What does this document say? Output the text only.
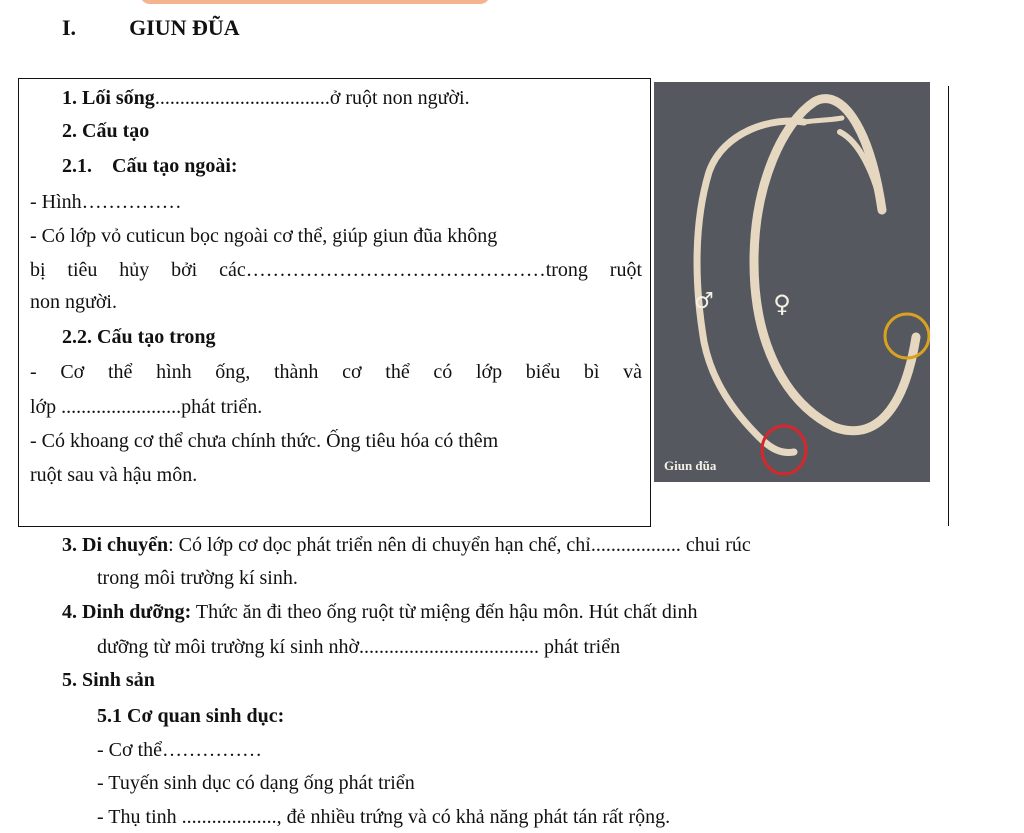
I. GIUN ĐŨA
1. Lối sống...................................ở ruột non người.
2. Cấu tạo
2.1. Cấu tạo ngoài:
- Hình……………
- Có lớp vỏ cuticun bọc ngoài cơ thể, giúp giun đũa không
bị tiêu hủy bởi các………………………………………trong ruột
non người.
2.2. Cấu tạo trong
- Cơ thể hình ống, thành cơ thể có lớp biểu bì và
lớp ........................phát triển.
- Có khoang cơ thể chưa chính thức. Ống tiêu hóa có thêm
ruột sau và hậu môn.
♂ ♀
Giun đũa
3. Di chuyển: Có lớp cơ dọc phát triển nên di chuyển hạn chế, chỉ.................. chui rúc
trong môi trường kí sinh.
4. Dinh dưỡng: Thức ăn đi theo ống ruột từ miệng đến hậu môn. Hút chất dinh
dưỡng từ môi trường kí sinh nhờ.................................... phát triển
5. Sinh sản
5.1 Cơ quan sinh dục:
- Cơ thể……………
- Tuyến sinh dục có dạng ống phát triển
- Thụ tinh ..................., đẻ nhiều trứng và có khả năng phát tán rất rộng.
